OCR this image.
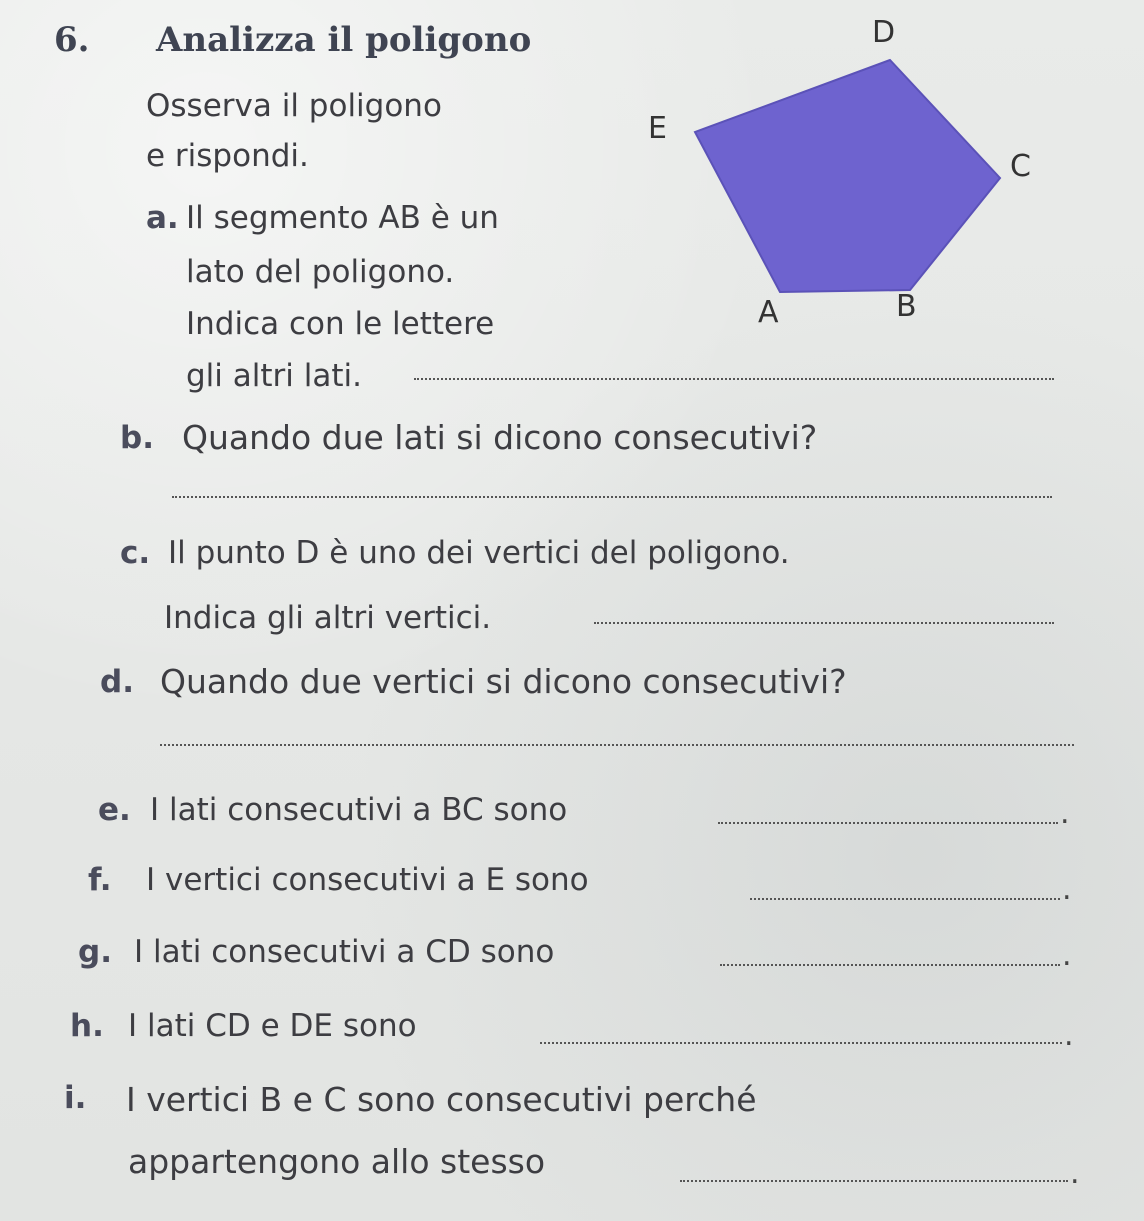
6. Analizza il poligono
Osserva il poligono
e rispondi.
D
E
C
A	B
a. Il segmento AB è un
lato del poligono.
Indica con le lettere
gli altri lati.
b. Quando due lati si dicono consecutivi?
c. Il punto D è uno dei vertici del poligono.
Indica gli altri vertici.
d. Quando due vertici si dicono consecutivi?
e. I lati consecutivi a BC sono	.
f. I vertici consecutivi a E sono	.
g. I lati consecutivi a CD sono	.
h. I lati CD e DE sono	.
i. I vertici B e C sono consecutivi perché
appartengono allo stesso	.
